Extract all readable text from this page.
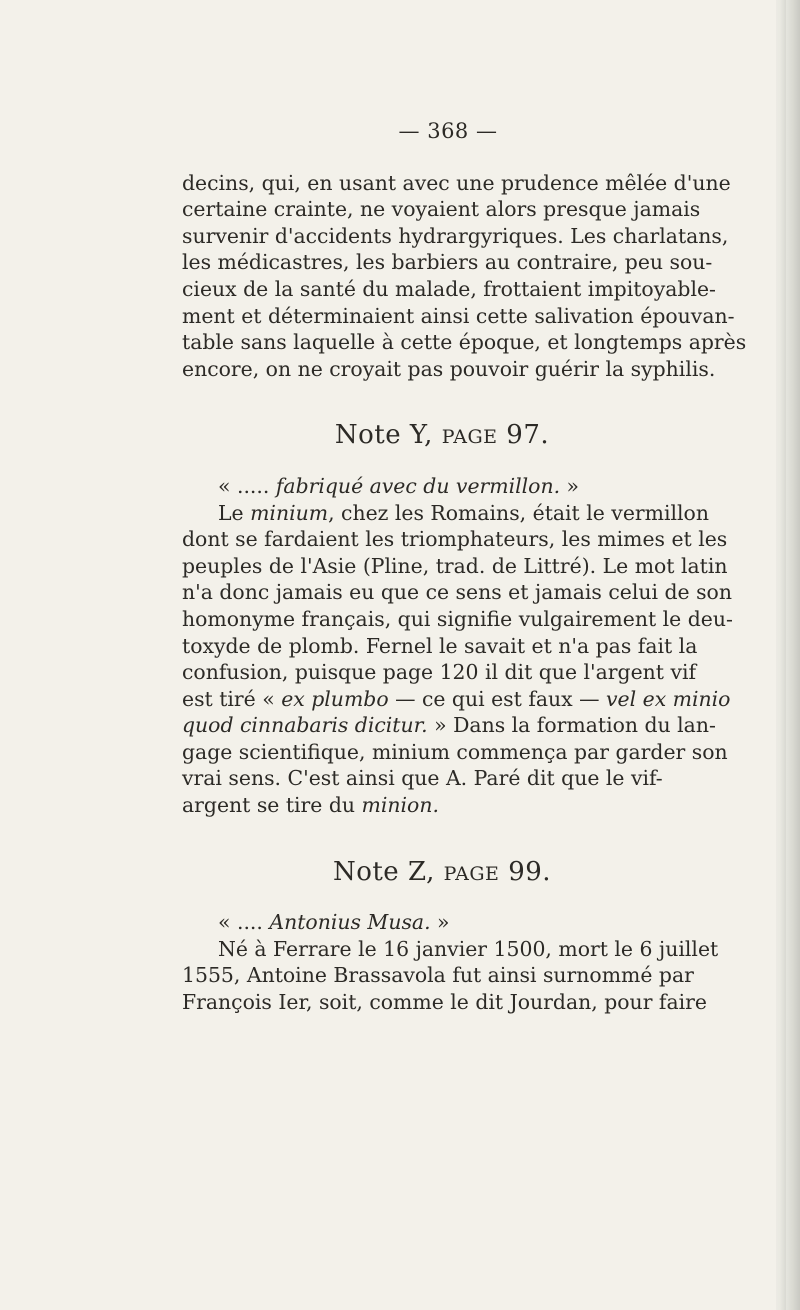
— 368 —
decins, qui, en usant avec une prudence mêlée d'une
certaine crainte, ne voyaient alors presque jamais
survenir d'accidents hydrargyriques. Les charlatans,
les médicastres, les barbiers au contraire, peu sou-
cieux de la santé du malade, frottaient impitoyable-
ment et déterminaient ainsi cette salivation épouvan-
table sans laquelle à cette époque, et longtemps après
encore, on ne croyait pas pouvoir guérir la syphilis.
Note Y, PAGE 97.
« ..... fabriqué avec du vermillon. »
Le minium, chez les Romains, était le vermillon
dont se fardaient les triomphateurs, les mimes et les
peuples de l'Asie (Pline, trad. de Littré). Le mot latin
n'a donc jamais eu que ce sens et jamais celui de son
homonyme français, qui signifie vulgairement le deu-
toxyde de plomb. Fernel le savait et n'a pas fait la
confusion, puisque page 120 il dit que l'argent vif
est tiré « ex plumbo — ce qui est faux — vel ex minio
quod cinnabaris dicitur. » Dans la formation du lan-
gage scientifique, minium commença par garder son
vrai sens. C'est ainsi que A. Paré dit que le vif-
argent se tire du minion.
Note Z, PAGE 99.
« .... Antonius Musa. »
Né à Ferrare le 16 janvier 1500, mort le 6 juillet
1555, Antoine Brassavola fut ainsi surnommé par
François Ier, soit, comme le dit Jourdan, pour faire
